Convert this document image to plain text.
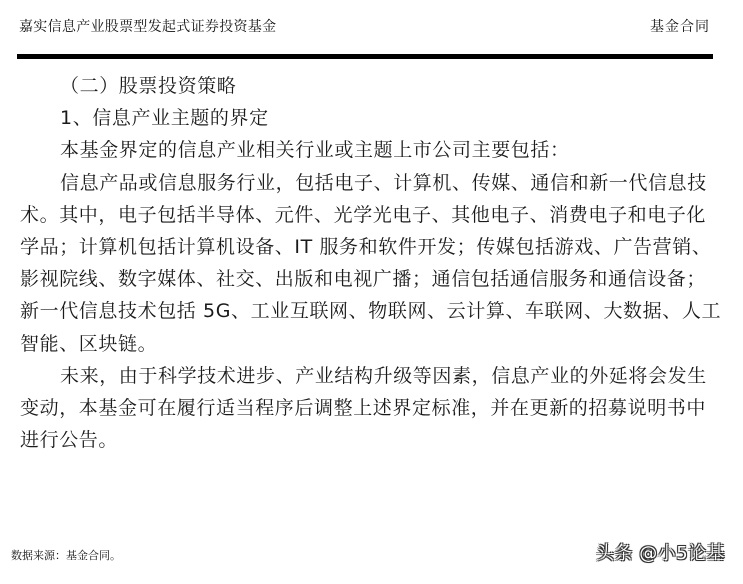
嘉实信息产业股票型发起式证券投资基金	基金合同
（二）股票投资策略
1、信息产业主题的界定
本基金界定的信息产业相关行业或主题上市公司主要包括：
信息产品或信息服务行业，包括电子、计算机、传媒、通信和新一代信息技
术。其中，电子包括半导体、元件、光学光电子、其他电子、消费电子和电子化
学品；计算机包括计算机设备、IT 服务和软件开发；传媒包括游戏、广告营销、
影视院线、数字媒体、社交、出版和电视广播；通信包括通信服务和通信设备；
新一代信息技术包括 5G、工业互联网、物联网、云计算、车联网、大数据、人工
智能、区块链。
未来，由于科学技术进步、产业结构升级等因素，信息产业的外延将会发生
变动，本基金可在履行适当程序后调整上述界定标准，并在更新的招募说明书中
进行公告。
数据来源：基金合同。	头条 @小5论基
